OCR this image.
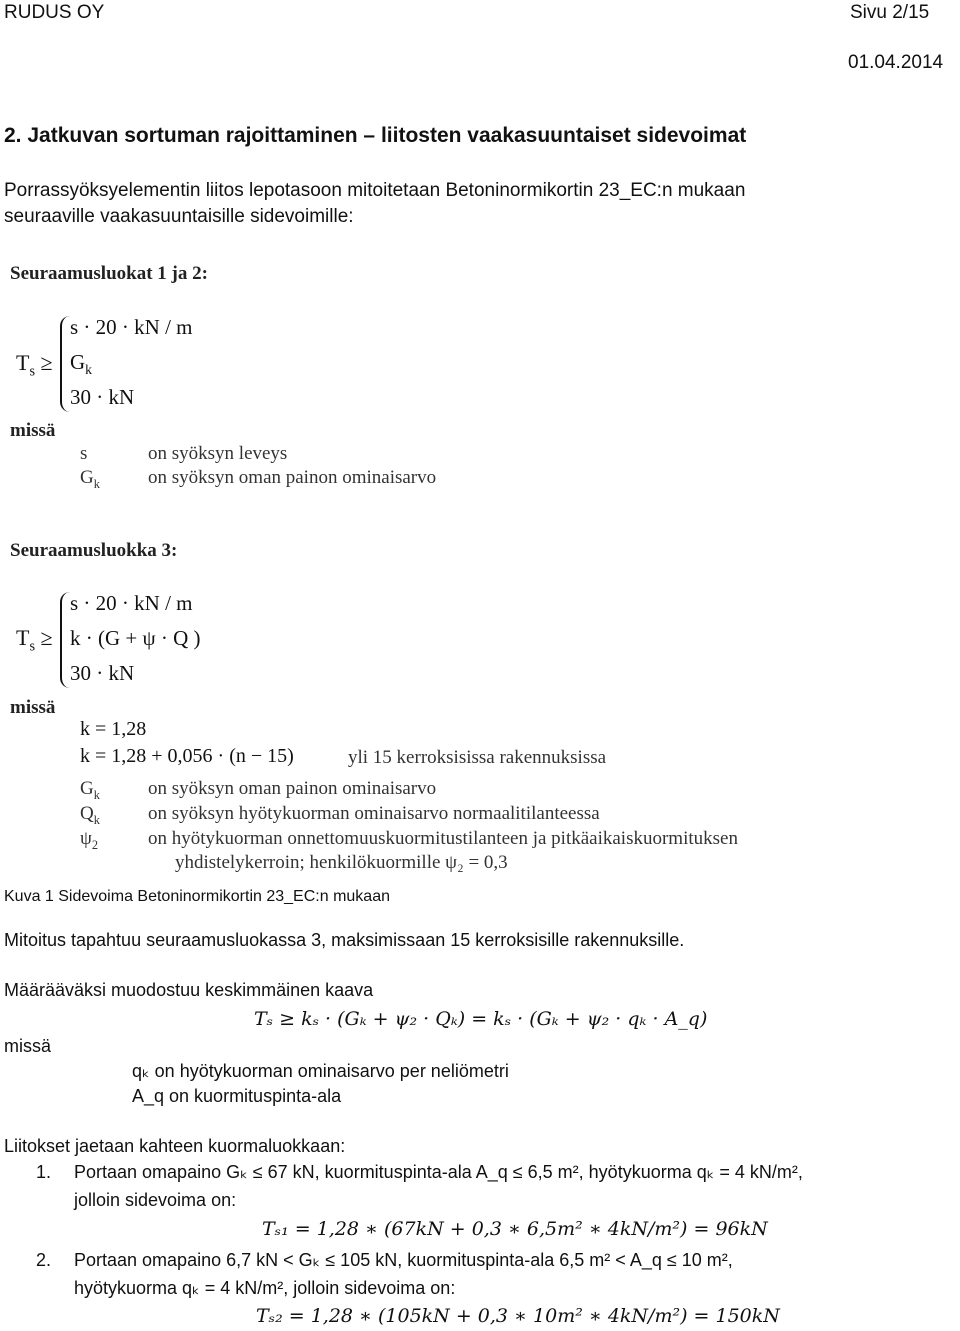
RUDUS OY	Sivu 2/15
01.04.2014
2. Jatkuvan sortuman rajoittaminen – liitosten vaakasuuntaiset sidevoimat
Porrassyöksyelementin liitos lepotasoon mitoitetaan Betoninormikortin 23_EC:n mukaan
seuraaville vaakasuuntaisille sidevoimille:
Seuraamusluokat 1 ja 2:
$T_s$ ≥
s · 20 · kN / m
$G_k$
30 · kN
missä
s	on syöksyn leveys
$G_k$	on syöksyn oman painon ominaisarvo
Seuraamusluokka 3:
$T_s$ ≥
s · 20 · kN / m
k · (G + ψ · Q )
30 · kN
missä
k = 1,28
k = 1,28 + 0,056 · (n − 15)	yli 15 kerroksisissa rakennuksissa
$G_k$	on syöksyn oman painon ominaisarvo
$Q_k$	on syöksyn hyötykuorman ominaisarvo normaalitilanteessa
$\psi_2$	on hyötykuorman onnettomuuskuormitustilanteen ja pitkäaikaiskuormituksen
yhdistelykerroin; henkilökuormille ψ₂ = 0,3
Kuva 1 Sidevoima Betoninormikortin 23_EC:n mukaan
Mitoitus tapahtuu seuraamusluokassa 3, maksimissaan 15 kerroksisille rakennuksille.
Määrääväksi muodostuu keskimmäinen kaava
Tₛ ≥ kₛ · (Gₖ + ψ₂ · Qₖ) = kₛ · (Gₖ + ψ₂ · qₖ · A_q)
missä
qₖ on hyötykuorman ominaisarvo per neliömetri
A_q on kuormituspinta-ala
Liitokset jaetaan kahteen kuormaluokkaan:
1. Portaan omapaino Gₖ ≤ 67 kN, kuormituspinta-ala A_q ≤ 6,5 m², hyötykuorma qₖ = 4 kN/m²,
jolloin sidevoima on:
Tₛ₁ = 1,28 ∗ (67kN + 0,3 ∗ 6,5m² ∗ 4kN/m²) = 96kN
2. Portaan omapaino 6,7 kN < Gₖ ≤ 105 kN, kuormituspinta-ala 6,5 m² < A_q ≤ 10 m²,
hyötykuorma qₖ = 4 kN/m², jolloin sidevoima on:
Tₛ₂ = 1,28 ∗ (105kN + 0,3 ∗ 10m² ∗ 4kN/m²) = 150kN
